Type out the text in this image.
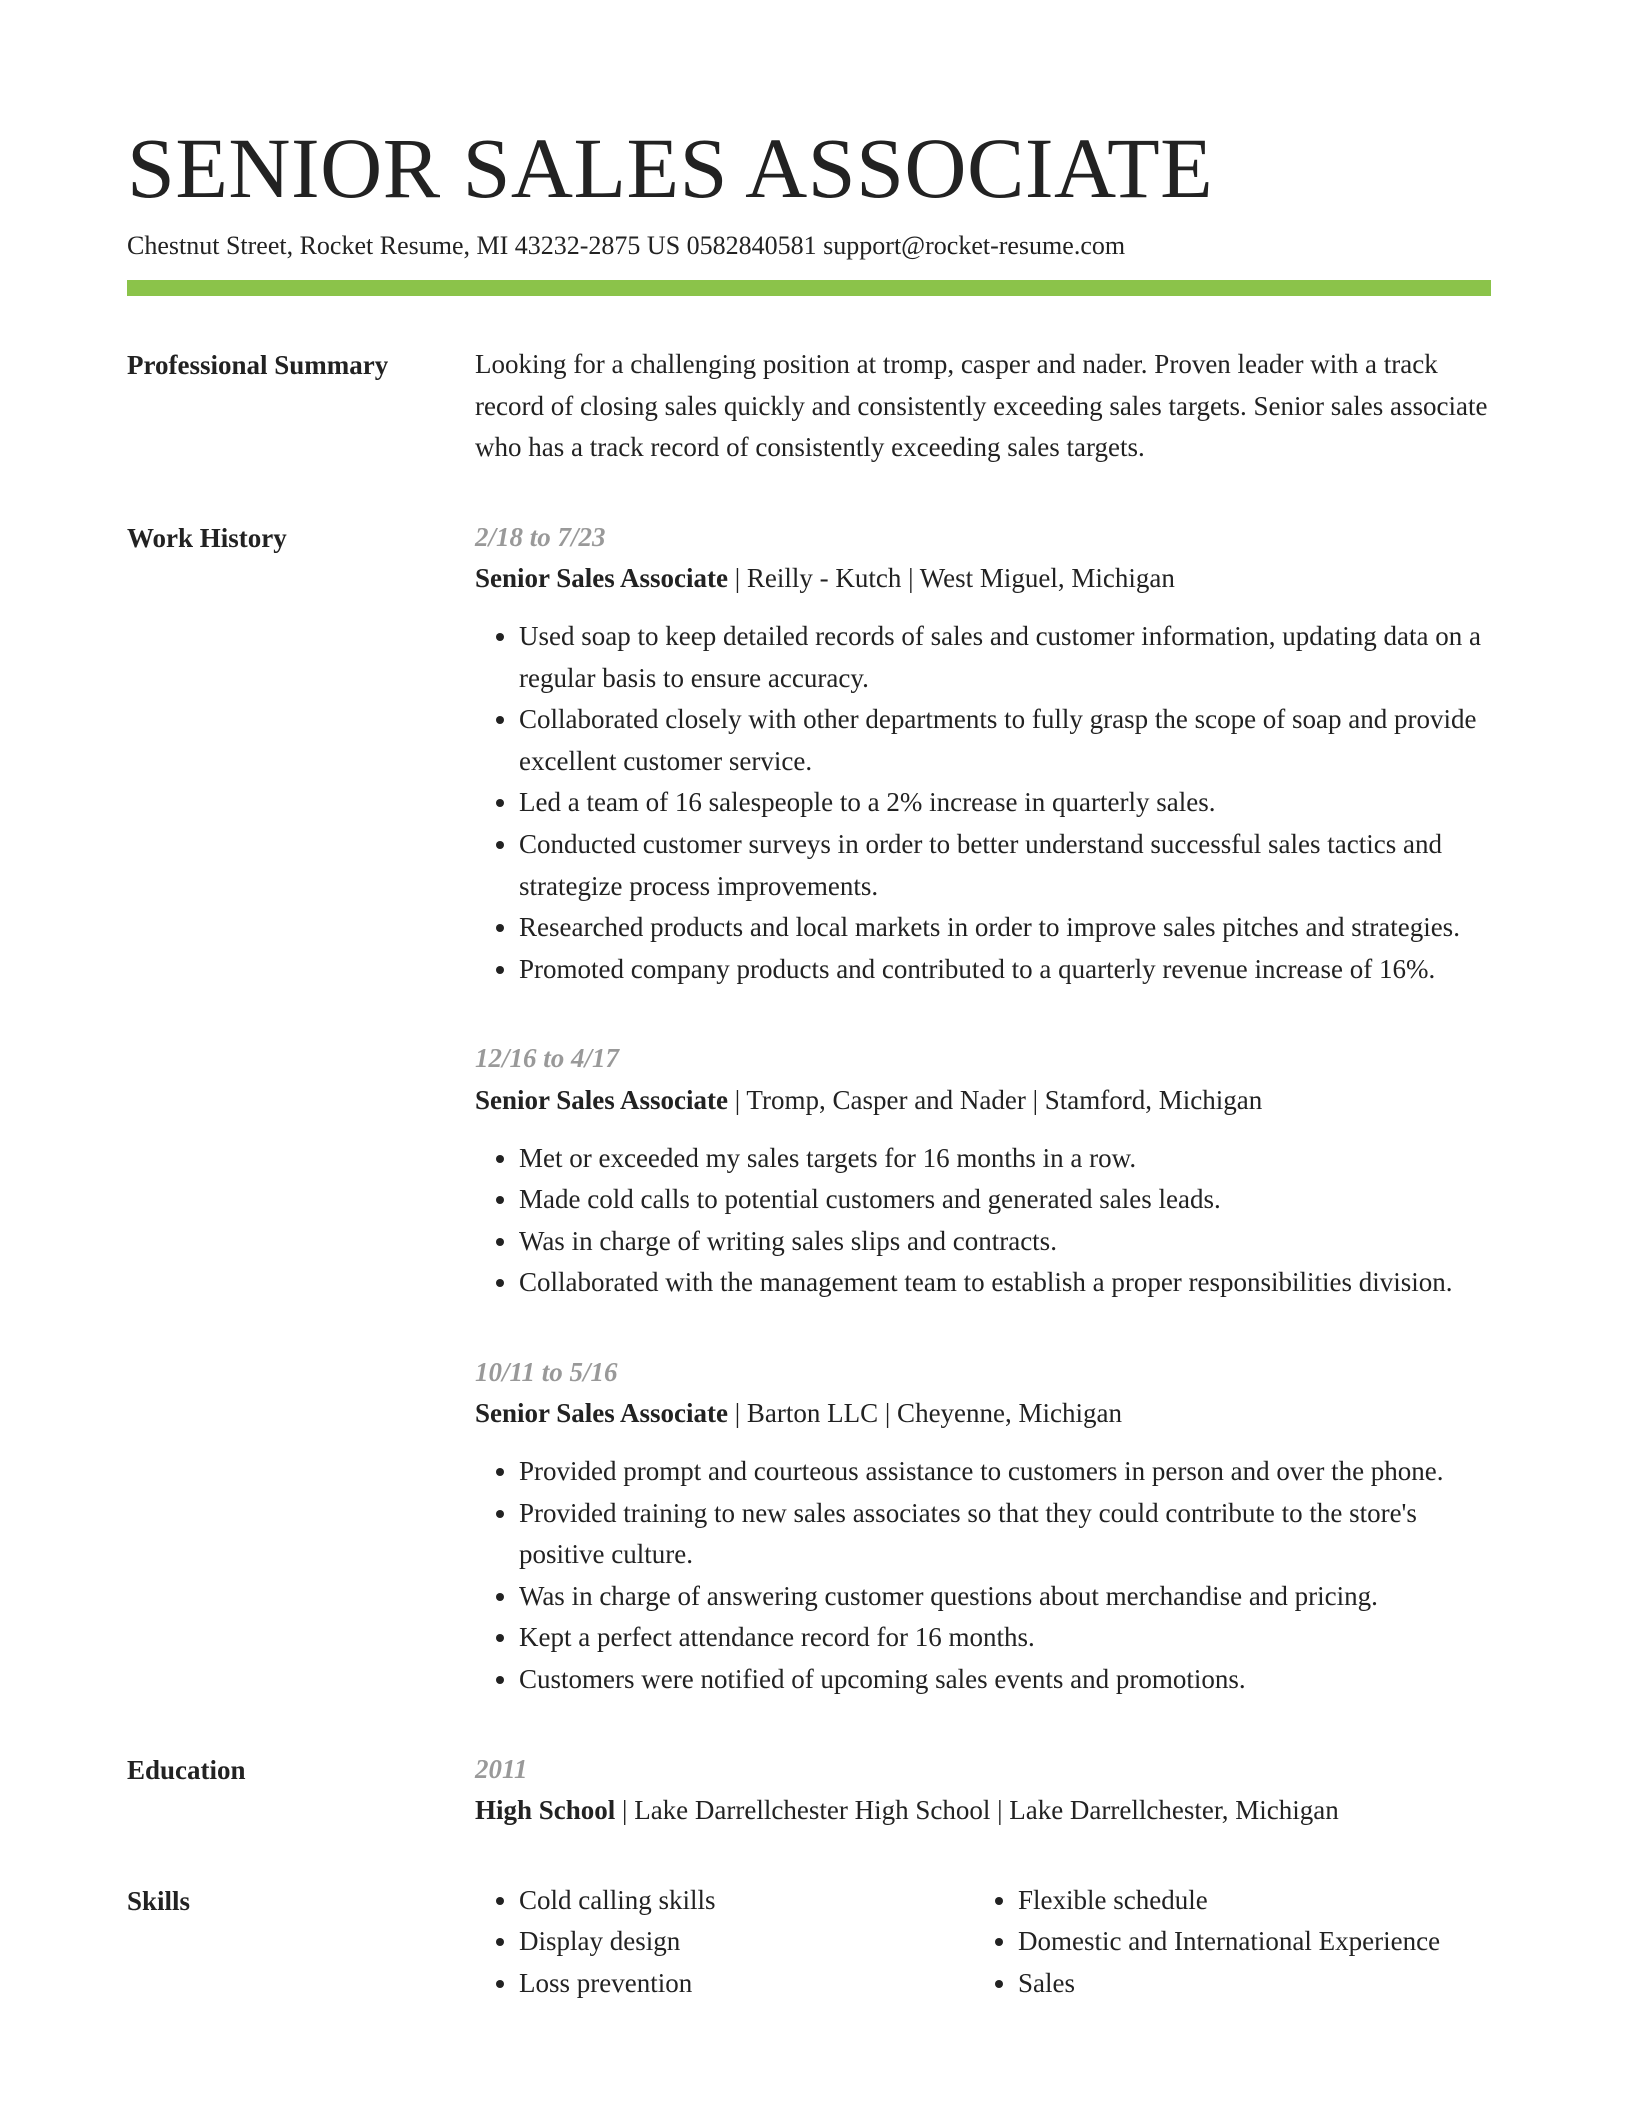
SENIOR SALES ASSOCIATE
Chestnut Street, Rocket Resume, MI 43232-2875 US 0582840581 support@rocket-resume.com
Professional Summary	Looking for a challenging position at tromp, casper and nader. Proven leader with a track record of closing sales quickly and consistently exceeding sales targets. Senior sales associate who has a track record of consistently exceeding sales targets.

Work History	2/18 to 7/23
Senior Sales Associate | Reilly - Kutch | West Miguel, Michigan
• Used soap to keep detailed records of sales and customer information, updating data on a regular basis to ensure accuracy.
• Collaborated closely with other departments to fully grasp the scope of soap and provide excellent customer service.
• Led a team of 16 salespeople to a 2% increase in quarterly sales.
• Conducted customer surveys in order to better understand successful sales tactics and strategize process improvements.
• Researched products and local markets in order to improve sales pitches and strategies.
• Promoted company products and contributed to a quarterly revenue increase of 16%.
12/16 to 4/17
Senior Sales Associate | Tromp, Casper and Nader | Stamford, Michigan
• Met or exceeded my sales targets for 16 months in a row.
• Made cold calls to potential customers and generated sales leads.
• Was in charge of writing sales slips and contracts.
• Collaborated with the management team to establish a proper responsibilities division.
10/11 to 5/16
Senior Sales Associate | Barton LLC | Cheyenne, Michigan
• Provided prompt and courteous assistance to customers in person and over the phone.
• Provided training to new sales associates so that they could contribute to the store's positive culture.
• Was in charge of answering customer questions about merchandise and pricing.
• Kept a perfect attendance record for 16 months.
• Customers were notified of upcoming sales events and promotions.
Education	2011
High School | Lake Darrellchester High School | Lake Darrellchester, Michigan
Skills
•	Cold calling skills
• Display design
• Loss prevention
• Flexible schedule
• Domestic and International Experience
• Sales
